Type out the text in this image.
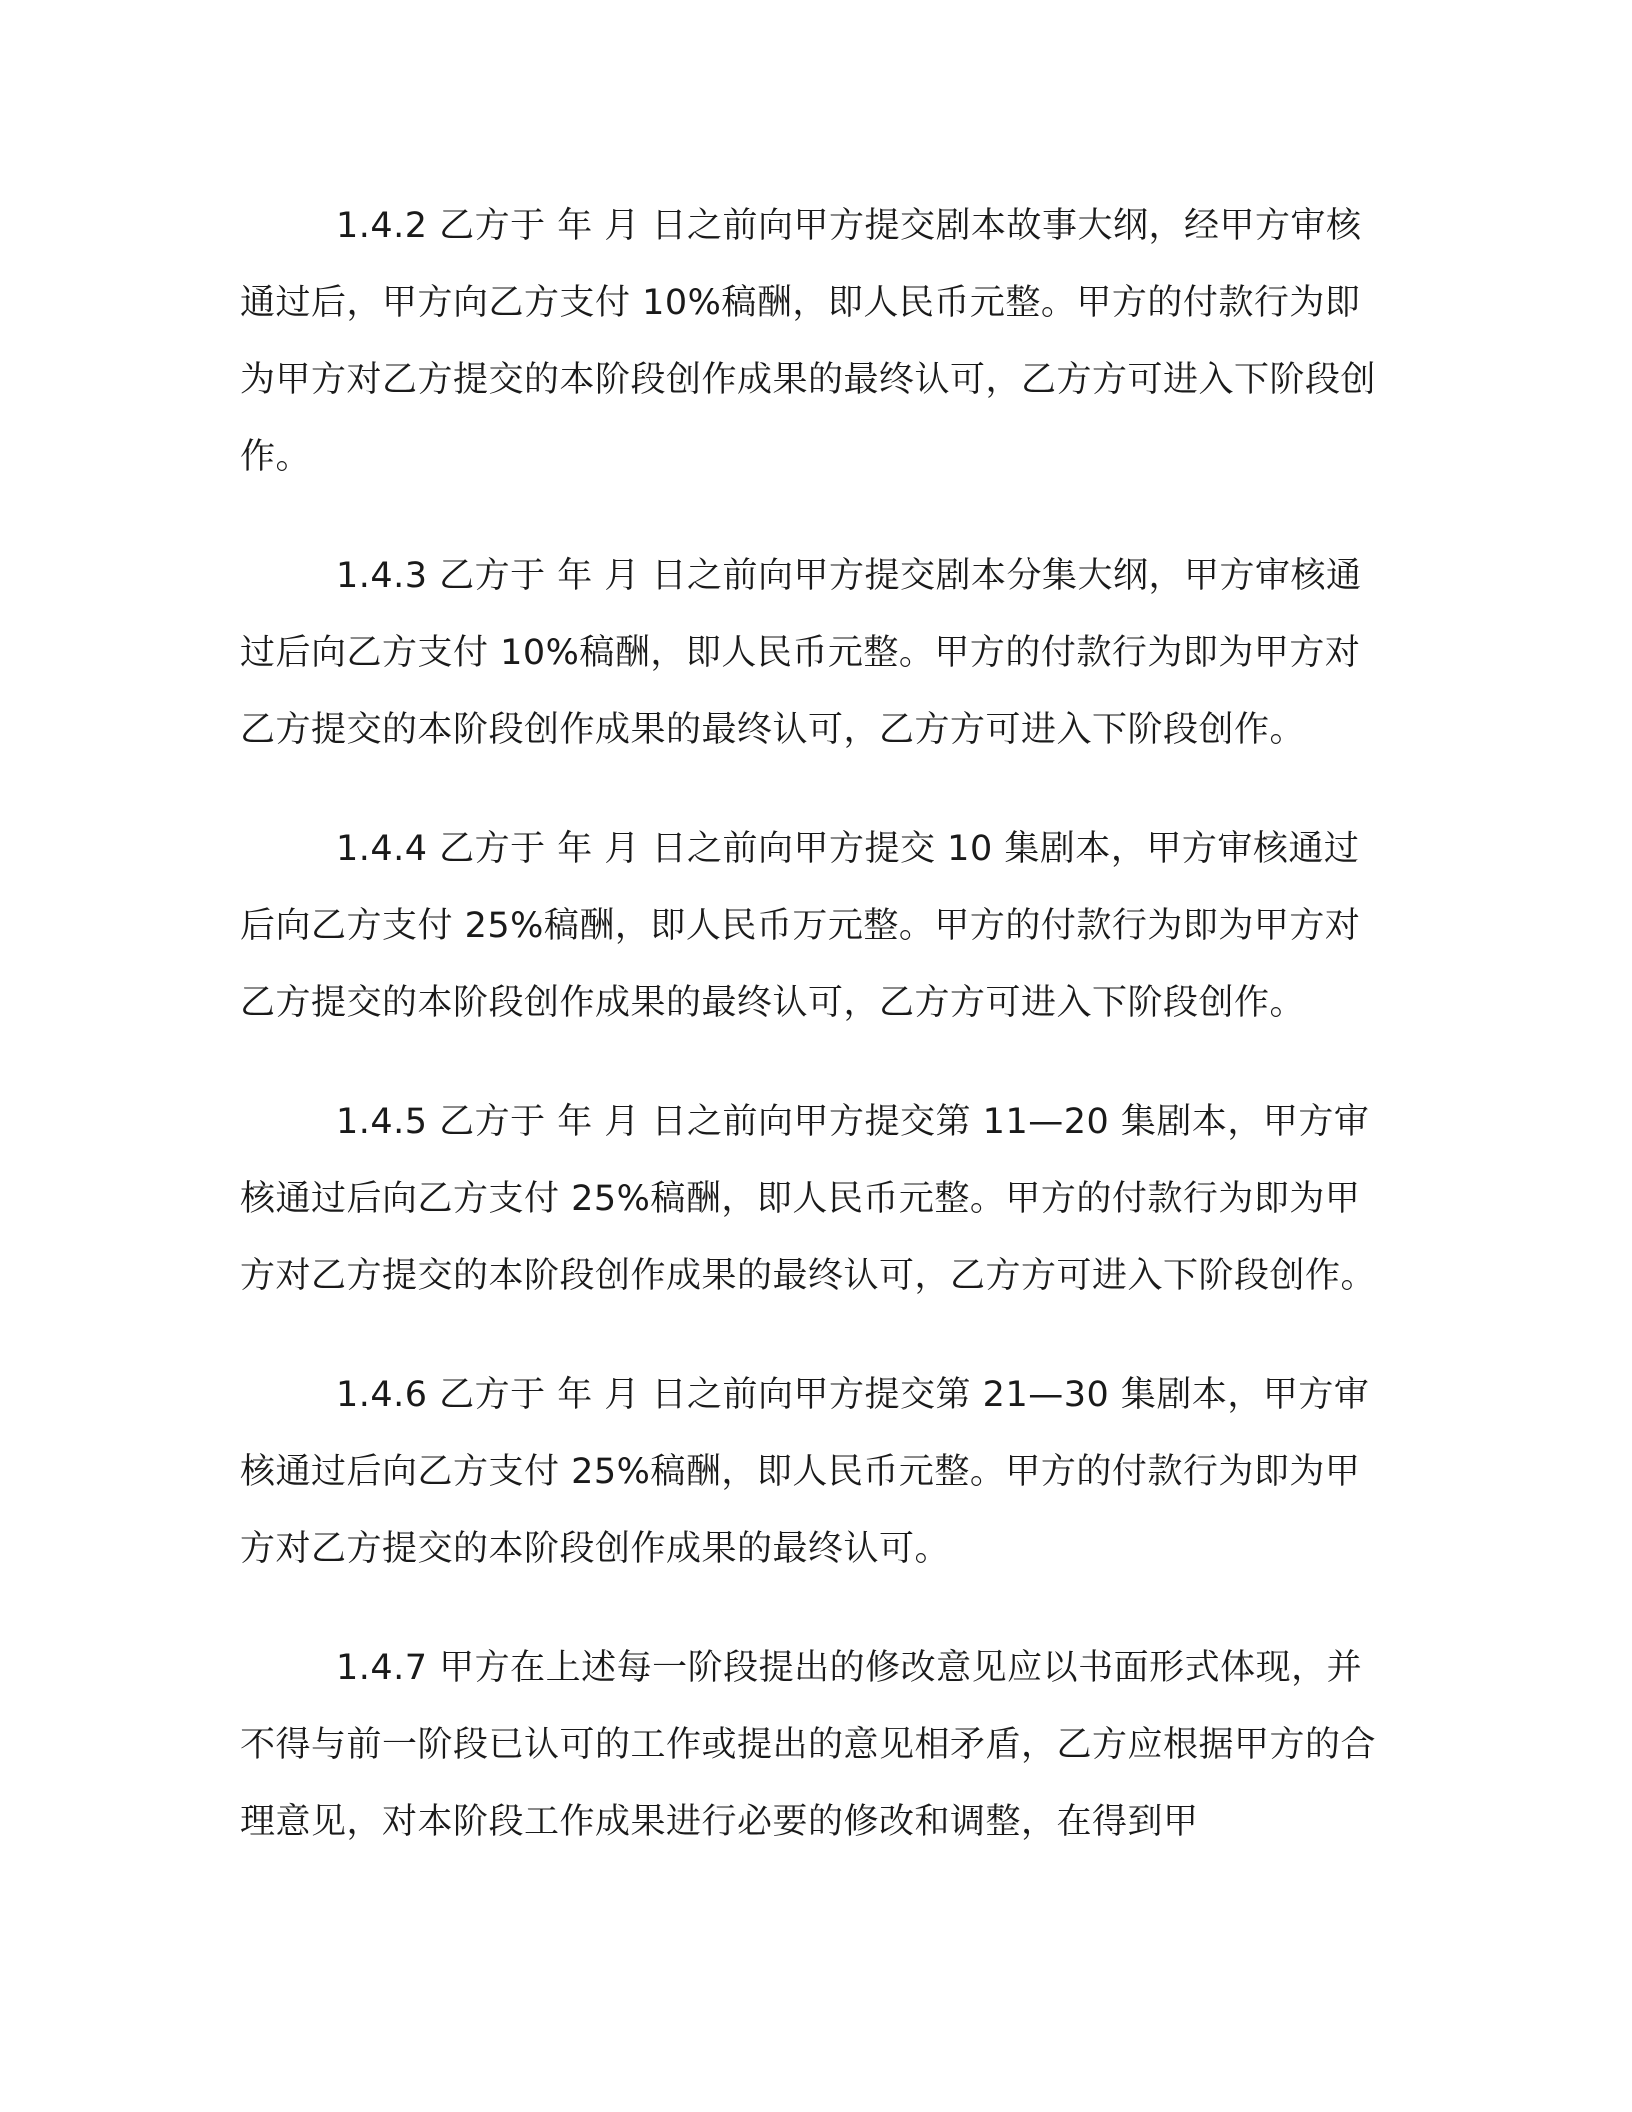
1.4.2 乙方于 年 月 日之前向甲方提交剧本故事大纲，经甲方审核通过后，甲方向乙方支付 10%稿酬，即人民币元整。甲方的付款行为即为甲方对乙方提交的本阶段创作成果的最终认可，乙方方可进入下阶段创作。

1.4.3 乙方于 年 月 日之前向甲方提交剧本分集大纲，甲方审核通过后向乙方支付 10%稿酬，即人民币元整。甲方的付款行为即为甲方对乙方提交的本阶段创作成果的最终认可，乙方方可进入下阶段创作。

1.4.4 乙方于 年 月 日之前向甲方提交 10 集剧本，甲方审核通过后向乙方支付 25%稿酬，即人民币万元整。甲方的付款行为即为甲方对乙方提交的本阶段创作成果的最终认可，乙方方可进入下阶段创作。

1.4.5 乙方于 年 月 日之前向甲方提交第 11—20 集剧本，甲方审核通过后向乙方支付 25%稿酬，即人民币元整。甲方的付款行为即为甲方对乙方提交的本阶段创作成果的最终认可，乙方方可进入下阶段创作。

1.4.6 乙方于 年 月 日之前向甲方提交第 21—30 集剧本，甲方审核通过后向乙方支付 25%稿酬，即人民币元整。甲方的付款行为即为甲方对乙方提交的本阶段创作成果的最终认可。

1.4.7 甲方在上述每一阶段提出的修改意见应以书面形式体现，并不得与前一阶段已认可的工作或提出的意见相矛盾，乙方应根据甲方的合理意见，对本阶段工作成果进行必要的修改和调整，在得到甲
